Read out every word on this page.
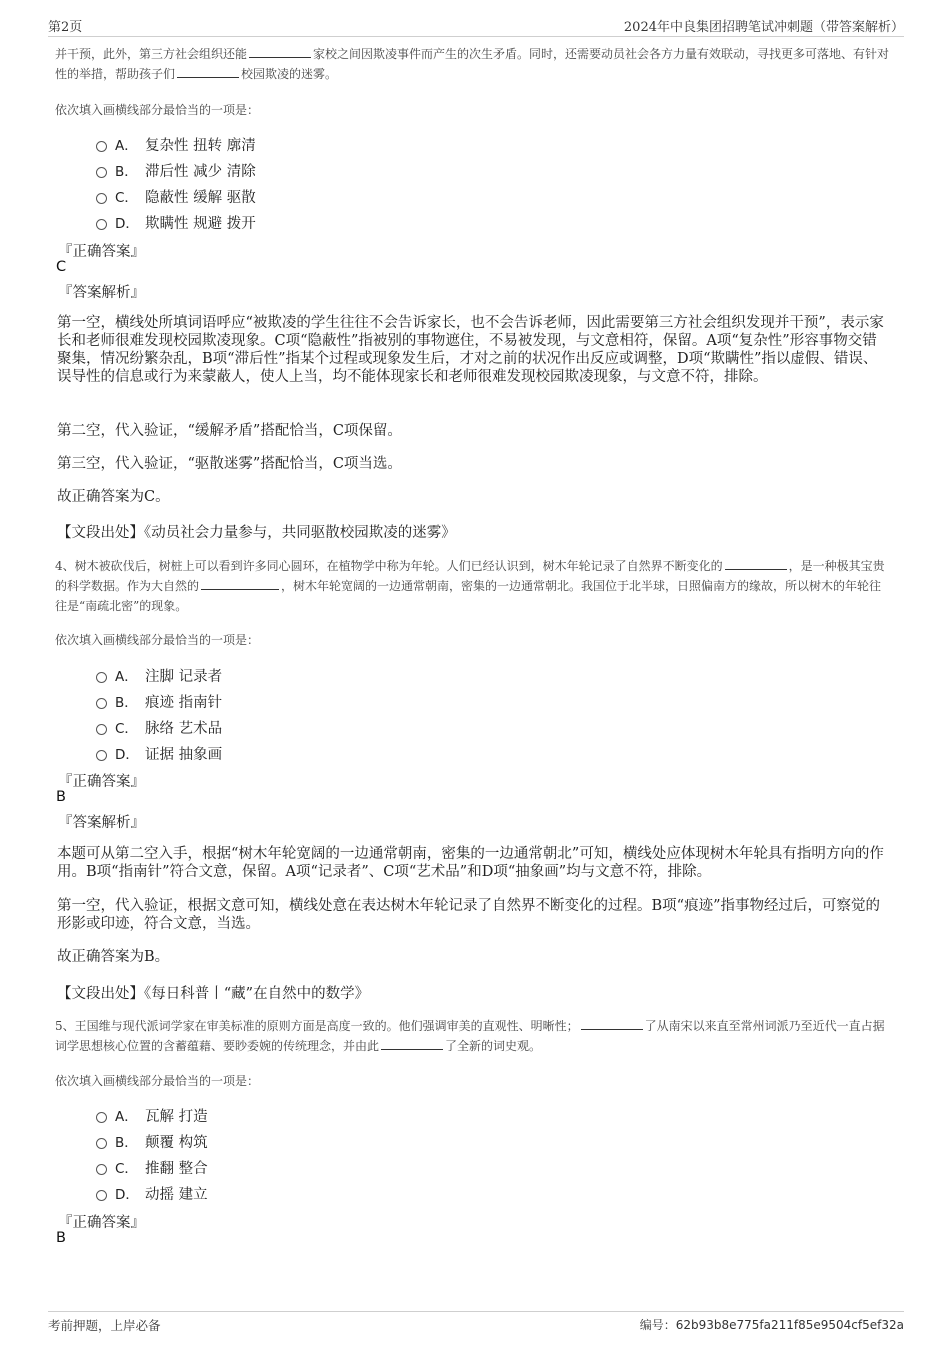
第2页	2024年中良集团招聘笔试冲刺题（带答案解析）
并干预，此外，第三方社会组织还能	家校之间因欺凌事件而产生的次生矛盾。同时，还需要动员社会各方力量有效联动，寻找更多可落地、有针对性的举措，帮助孩子们	校园欺凌的迷雾。
依次填入画横线部分最恰当的一项是：
A． 复杂性 扭转 廓清
B． 滞后性 减少 清除
C． 隐蔽性 缓解 驱散
D． 欺瞒性 规避 拨开
『正确答案』
C
『答案解析』
第一空，横线处所填词语呼应“被欺凌的学生往往不会告诉家长，也不会告诉老师，因此需要第三方社会组织发现并干预”，表示家长和老师很难发现校园欺凌现象。C项“隐蔽性”指被别的事物遮住，不易被发现，与文意相符，保留。A项“复杂性”形容事物交错聚集，情况纷繁杂乱，B项“滞后性”指某个过程或现象发生后，才对之前的状况作出反应或调整，D项“欺瞒性”指以虚假、错误、误导性的信息或行为来蒙蔽人，使人上当，均不能体现家长和老师很难发现校园欺凌现象，与文意不符，排除。
第二空，代入验证，“缓解矛盾”搭配恰当，C项保留。
第三空，代入验证，“驱散迷雾”搭配恰当，C项当选。
故正确答案为C。
【文段出处】《动员社会力量参与，共同驱散校园欺凌的迷雾》
4、树木被砍伐后，树桩上可以看到许多同心圆环，在植物学中称为年轮。人们已经认识到，树木年轮记录了自然界不断变化的	，是一种极其宝贵的科学数据。作为大自然的	，树木年轮宽阔的一边通常朝南，密集的一边通常朝北。我国位于北半球，日照偏南方的缘故，所以树木的年轮往往是“南疏北密”的现象。
依次填入画横线部分最恰当的一项是：
A． 注脚 记录者
B． 痕迹 指南针
C． 脉络 艺术品
D． 证据 抽象画
『正确答案』
B
『答案解析』
本题可从第二空入手，根据“树木年轮宽阔的一边通常朝南，密集的一边通常朝北”可知，横线处应体现树木年轮具有指明方向的作用。B项“指南针”符合文意，保留。A项“记录者”、C项“艺术品”和D项“抽象画”均与文意不符，排除。
第一空，代入验证，根据文意可知，横线处意在表达树木年轮记录了自然界不断变化的过程。B项“痕迹”指事物经过后，可察觉的形影或印迹，符合文意，当选。
故正确答案为B。
【文段出处】《每日科普丨“藏”在自然中的数学》
5、王国维与现代派词学家在审美标准的原则方面是高度一致的。他们强调审美的直观性、明晰性；	了从南宋以来直至常州词派乃至近代一直占据词学思想核心位置的含蓄蕴藉、要眇委婉的传统理念，并由此	了全新的词史观。
依次填入画横线部分最恰当的一项是：
A． 瓦解 打造
B． 颠覆 构筑
C． 推翻 整合
D． 动摇 建立
『正确答案』
B
考前押题，上岸必备	编号：62b93b8e775fa211f85e9504cf5ef32a
